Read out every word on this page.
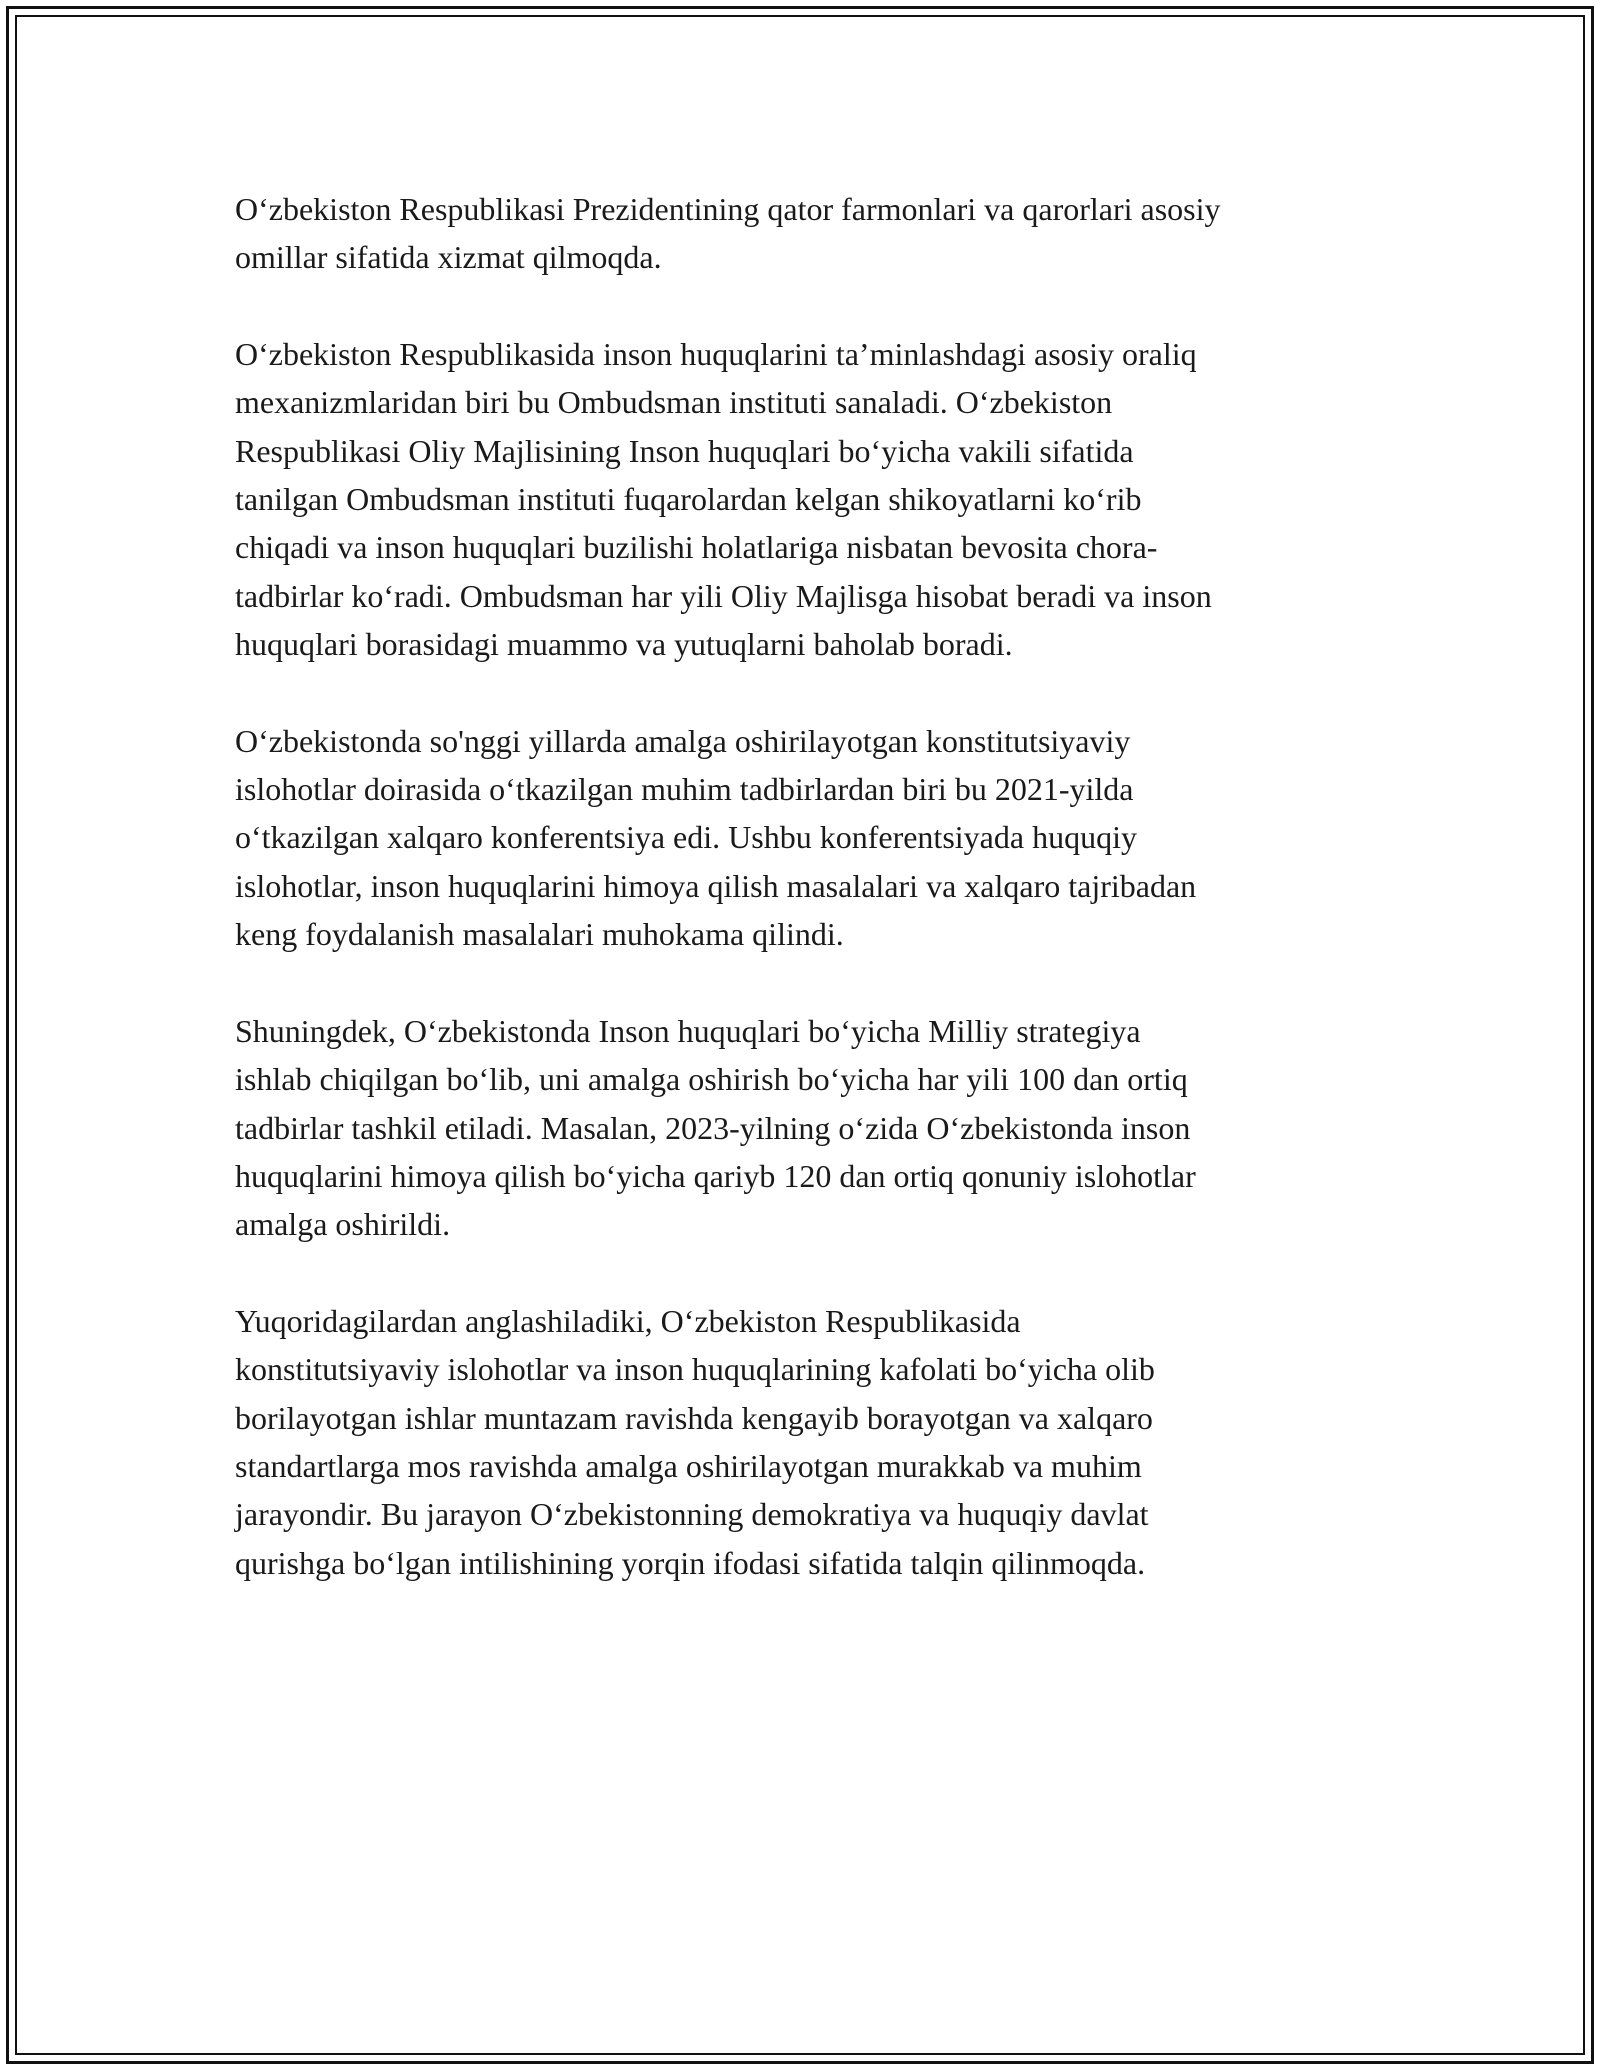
O‘zbekiston Respublikasi Prezidentining qator farmonlari va qarorlari asosiy
omillar sifatida xizmat qilmoqda.

O‘zbekiston Respublikasida inson huquqlarini ta’minlashdagi asosiy oraliq
mexanizmlaridan biri bu Ombudsman instituti sanaladi. O‘zbekiston
Respublikasi Oliy Majlisining Inson huquqlari bo‘yicha vakili sifatida
tanilgan Ombudsman instituti fuqarolardan kelgan shikoyatlarni ko‘rib
chiqadi va inson huquqlari buzilishi holatlariga nisbatan bevosita chora-
tadbirlar ko‘radi. Ombudsman har yili Oliy Majlisga hisobat beradi va inson
huquqlari borasidagi muammo va yutuqlarni baholab boradi.

O‘zbekistonda so'nggi yillarda amalga oshirilayotgan konstitutsiyaviy
islohotlar doirasida o‘tkazilgan muhim tadbirlardan biri bu 2021-yilda
o‘tkazilgan xalqaro konferentsiya edi. Ushbu konferentsiyada huquqiy
islohotlar, inson huquqlarini himoya qilish masalalari va xalqaro tajribadan
keng foydalanish masalalari muhokama qilindi.

Shuningdek, O‘zbekistonda Inson huquqlari bo‘yicha Milliy strategiya
ishlab chiqilgan bo‘lib, uni amalga oshirish bo‘yicha har yili 100 dan ortiq
tadbirlar tashkil etiladi. Masalan, 2023-yilning o‘zida O‘zbekistonda inson
huquqlarini himoya qilish bo‘yicha qariyb 120 dan ortiq qonuniy islohotlar
amalga oshirildi.

Yuqoridagilardan anglashiladiki, O‘zbekiston Respublikasida
konstitutsiyaviy islohotlar va inson huquqlarining kafolati bo‘yicha olib
borilayotgan ishlar muntazam ravishda kengayib borayotgan va xalqaro
standartlarga mos ravishda amalga oshirilayotgan murakkab va muhim
jarayondir. Bu jarayon O‘zbekistonning demokratiya va huquqiy davlat
qurishga bo‘lgan intilishining yorqin ifodasi sifatida talqin qilinmoqda.
